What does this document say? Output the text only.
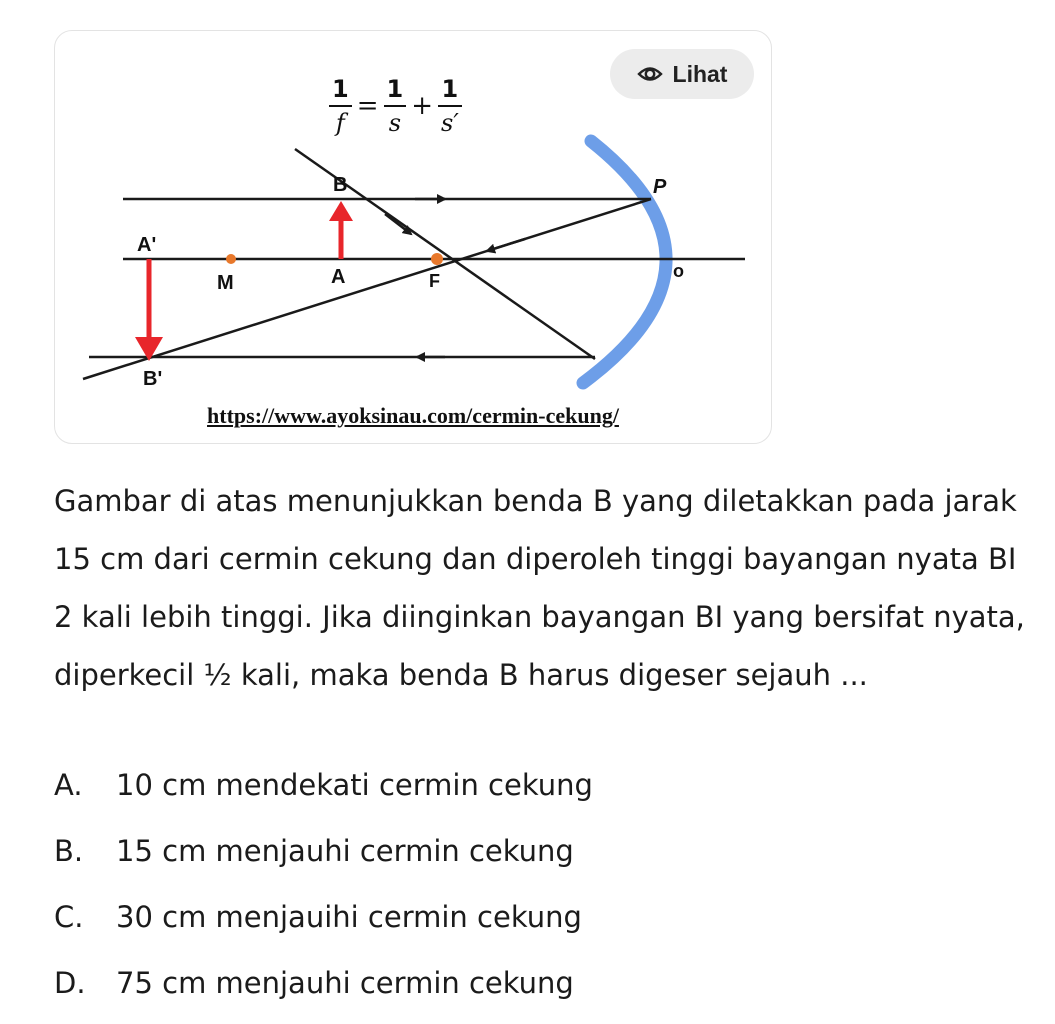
B	P
A'
M	A	F	o
B'
$\frac{1}{f} = \frac{1}{s} + \frac{1}{s'}$
Lihat
https://www.ayoksinau.com/cermin-cekung/

Gambar di atas menunjukkan benda B yang diletakkan pada jarak 15 cm dari cermin cekung dan diperoleh tinggi bayangan nyata BI 2 kali lebih tinggi. Jika diinginkan bayangan BI yang bersifat nyata, diperkecil ½ kali, maka benda B harus digeser sejauh ...

A.	10 cm mendekati cermin cekung
B.	15 cm menjauhi cermin cekung
C.	30 cm menjauihi cermin cekung
D.	75 cm menjauhi cermin cekung
